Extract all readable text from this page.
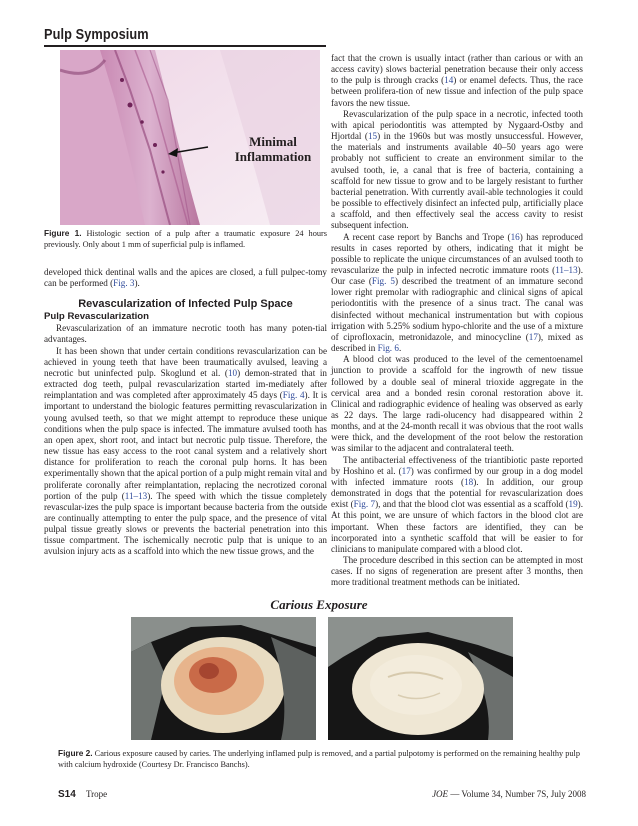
Pulp Symposium
Minimal
Inflammation
Figure 1. Histologic section of a pulp after a traumatic exposure 24 hours previously. Only about 1 mm of superficial pulp is inflamed.

developed thick dentinal walls and the apices are closed, a full pulpec-tomy can be performed (Fig. 3).

Revascularization of Infected Pulp Space
Pulp Revascularization

Revascularization of an immature necrotic tooth has many poten-tial advantages.

It has been shown that under certain conditions revascularization can be achieved in young teeth that have been traumatically avulsed, leaving a necrotic but uninfected pulp. Skoglund et al. (10) demon-strated that in extracted dog teeth, pulpal revascularization started im-mediately after reimplantation and was completed after approximately 45 days (Fig. 4). It is important to understand the biologic features permitting revascularization in young avulsed teeth, so that we might attempt to reproduce these unique conditions when the pulp space is infected. The immature avulsed tooth has an open apex, short root, and intact but necrotic pulp tissue. Therefore, the new tissue has easy access to the root canal system and a relatively short distance for proliferation to reach the coronal pulp horns. It has been experimentally shown that the apical portion of a pulp might remain vital and proliferate coronally after reimplantation, replacing the necrotized coronal portion of the pulp (11–13). The speed with which the tissue completely revascular-izes the pulp space is important because bacteria from the outside are continually attempting to enter the pulp space, and the presence of vital pulpal tissue greatly slows or prevents the bacterial penetration into this tissue compartment. The ischemically necrotic pulp that is unique to an avulsion injury acts as a scaffold into which the new tissue grows, and the

fact that the crown is usually intact (rather than carious or with an access cavity) slows bacterial penetration because their only access to the pulp is through cracks (14) or enamel defects. Thus, the race between prolifera-tion of new tissue and infection of the pulp space favors the new tissue.

Revascularization of the pulp space in a necrotic, infected tooth with apical periodontitis was attempted by Nygaard-Ostby and Hjortdal (15) in the 1960s but was mostly unsuccessful. However, the materials and instruments available 40–50 years ago were probably not sufficient to create an environment similar to the avulsed tooth, ie, a canal that is free of bacteria, containing a scaffold for new tissue to grow and to be largely resistant to further bacterial penetration. With currently avail-able technologies it could be possible to effectively disinfect an infected pulp, artificially place a scaffold, and then effectively seal the access cavity to resist subsequent infection.

A recent case report by Banchs and Trope (16) has reproduced results in cases reported by others, indicating that it might be possible to replicate the unique circumstances of an avulsed tooth to revascularize the pulp in infected necrotic immature roots (11–13). Our case (Fig. 5) described the treatment of an immature second lower right premolar with radiographic and clinical signs of apical periodontitis with the presence of a sinus tract. The canal was disinfected without mechanical instrumentation but with copious irrigation with 5.25% sodium hypo-chlorite and the use of a mixture of ciprofloxacin, metronidazole, and minocycline (17), mixed as described in Fig. 6.

A blood clot was produced to the level of the cementoenamel junction to provide a scaffold for the ingrowth of new tissue followed by a double seal of mineral trioxide aggregate in the cervical area and a bonded resin coronal restoration above it. Clinical and radiographic evidence of healing was observed as early as 22 days. The large radi-olucency had disappeared within 2 months, and at the 24-month recall it was obvious that the root walls were thick, and the development of the root below the restoration was similar to the adjacent and contralateral teeth.

The antibacterial effectiveness of the triantibiotic paste reported by Hoshino et al. (17) was confirmed by our group in a dog model with infected immature roots (18). In addition, our group demonstrated in dogs that the potential for revascularization does exist (Fig. 7), and that the blood clot was essential as a scaffold (19). At this point, we are unsure of which factors in the blood clot are important. When these factors are identified, they can be incorporated into a synthetic scaffold that will be easier to for clinicians to manipulate compared with a blood clot.

The procedure described in this section can be attempted in most cases. If no signs of regeneration are present after 3 months, then more traditional treatment methods can be initiated.

Carious Exposure
Figure 2. Carious exposure caused by caries. The underlying inflamed pulp is removed, and a partial pulpotomy is performed on the remaining healthy pulp with calcium hydroxide (Courtesy Dr. Francisco Banchs).
S14 Trope	JOE — Volume 34, Number 7S, July 2008
